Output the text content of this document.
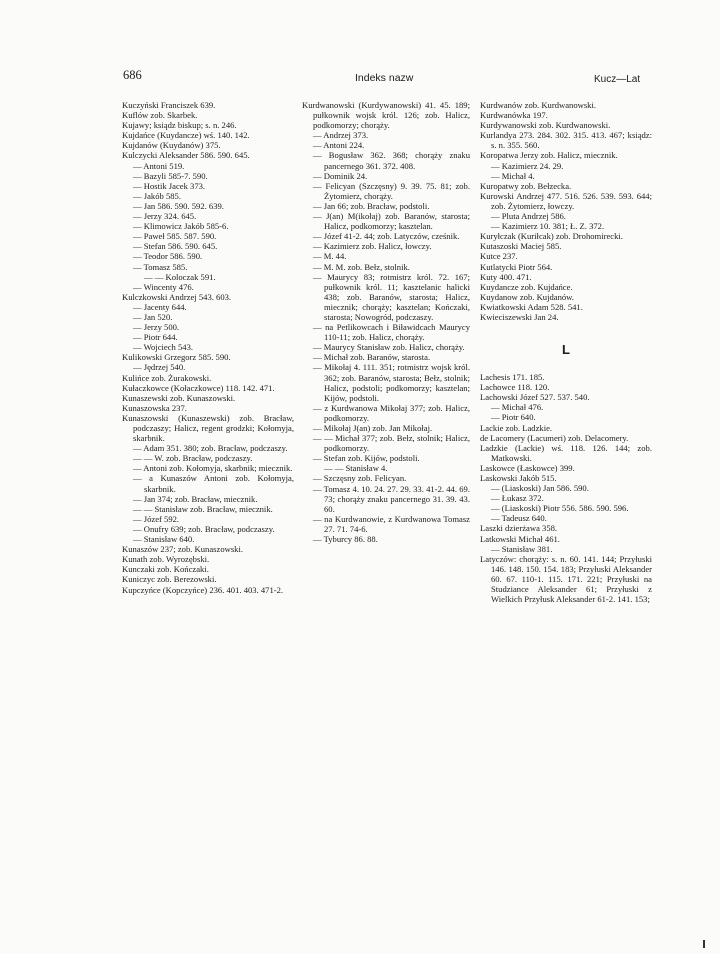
686	Indeks nazw	Kucz—Lat

Kuczyński Franciszek 639.

Kuflów zob. Skarbek.

Kujawy; ksiądz biskup; s. n. 246.

Kujdańce (Kuydancze) wś. 140. 142.

Kujdanów (Kuydanów) 375.

Kulczycki Aleksander 586. 590. 645.

— Antoni 519.

— Bazyli 585-7. 590.

— Hostik Jacek 373.

— Jakób 585.

— Jan 586. 590. 592. 639.

— Jerzy 324. 645.

— Klimowicz Jakób 585-6.

— Paweł 585. 587. 590.

— Stefan 586. 590. 645.

— Teodor 586. 590.

— Tomasz 585.

— — Koloczak 591.

— Wincenty 476.

Kulczkowski Andrzej 543. 603.

— Jacenty 644.

— Jan 520.

— Jerzy 500.

— Piotr 644.

— Wojciech 543.

Kulikowski Grzegorz 585. 590.

— Jędrzej 540.

Kulińce zob. Żurakowski.

Kułaczkowce (Kołaczkowce) 118. 142. 471.

Kunaszewski zob. Kunaszowski.

Kunaszowska 237.

Kunaszowski (Kunaszewski) zob. Bracław, podczaszy; Halicz, regent grodzki; Kołomyja, skarbnik.

— Adam 351. 380; zob. Bracław, podczaszy.

— — W. zob. Bracław, podczaszy.

— Antoni zob. Kołomyja, skarbnik; miecznik.

— a Kunaszów Antoni zob. Kołomyja, skarbnik.

— Jan 374; zob. Bracław, miecznik.

— — Stanisław zob. Bracław, miecznik.

— Józef 592.

— Onufry 639; zob. Bracław, podczaszy.

— Stanisław 640.

Kunaszów 237; zob. Kunaszowski.

Kunath zob. Wyrozębski.

Kunczaki zob. Kończaki.

Kuniczyc zob. Berezowski.

Kupczyńce (Kopczyńce) 236. 401. 403. 471-2.

Kurdwanowski (Kurdywanowski) 41. 45. 189; pułkownik wojsk król. 126; zob. Halicz, podkomorzy; chorąży.

— Andrzej 373.

— Antoni 224.

— Bogusław 362. 368; chorąży znaku pancernego 361. 372. 408.

— Dominik 24.

— Felicyan (Szczęsny) 9. 39. 75. 81; zob. Żytomierz, chorąży.

— Jan 66; zob. Bracław, podstoli.

— J(an) M(ikołaj) zob. Baranów, starosta; Halicz, podkomorzy; kasztelan.

— Józef 41-2. 44; zob. Latyczów, cześnik.

— Kazimierz zob. Halicz, łowczy.

— M. 44.

— M. M. zob. Bełz, stolnik.

— Maurycy 83; rotmistrz król. 72. 167; pułkownik król. 11; kasztelanic halicki 438; zob. Baranów, starosta; Halicz, miecznik; chorąży; kasztelan; Kończaki, starosta; Nowogród, podczaszy.

— na Petlikowcach i Biławidcach Maurycy 110-11; zob. Halicz, chorąży.

— Maurycy Stanisław zob. Halicz, chorąży.

— Michał zob. Baranów, starosta.

— Mikołaj 4. 111. 351; rotmistrz wojsk król. 362; zob. Baranów, starosta; Bełz, stolnik; Halicz, podstoli; podkomorzy; kasztelan; Kijów, podstoli.

— z Kurdwanowa Mikołaj 377; zob. Halicz, podkomorzy.

— Mikołaj J(an) zob. Jan Mikołaj.

— — Michał 377; zob. Bełz, stolnik; Halicz, podkomorzy.

— Stefan zob. Kijów, podstoli.

— — Stanisław 4.

— Szczęsny zob. Felicyan.

— Tomasz 4. 10. 24. 27. 29. 33. 41-2. 44. 69. 73; chorąży znaku pancernego 31. 39. 43. 60.

— na Kurdwanowie, z Kurdwanowa Tomasz 27. 71. 74-6.

— Tyburcy 86. 88.

Kurdwanów zob. Kurdwanowski.

Kurdwanówka 197.

Kurdywanowski zob. Kurdwanowski.

Kurlandya 273. 284. 302. 315. 413. 467; ksiądz: s. n. 355. 560.

Koropatwa Jerzy zob. Halicz, miecznik.

— Kazimierz 24. 29.

— Michał 4.

Kuropatwy zob. Bełzecka.

Kurowski Andrzej 477. 516. 526. 539. 593. 644; zob. Żytomierz, łowczy.

— Pluta Andrzej 586.

— Kazimierz 10. 381; Ł. Z. 372.

Kuryłczak (Kuriłcak) zob. Drohomirecki.

Kutaszoski Maciej 585.

Kutce 237.

Kutlatycki Piotr 564.

Kuty 400. 471.

Kuydancze zob. Kujdańce.

Kuydanow zob. Kujdanów.

Kwiatkowski Adam 528. 541.

Kwieciszewski Jan 24.

L

Lachesis 171. 185.

Lachowce 118. 120.

Lachowski Józef 527. 537. 540.

— Michał 476.

— Piotr 640.

Lackie zob. Ladzkie.

de Lacomery (Lacumeri) zob. Delacomery.

Ladzkie (Lackie) wś. 118. 126. 144; zob. Matkowski.

Laskowce (Łaskowce) 399.

Laskowski Jakób 515.

— (Liaskoski) Jan 586. 590.

— Łukasz 372.

— (Liaskoski) Piotr 556. 586. 590. 596.

— Tadeusz 640.

Laszki dzierżawa 358.

Latkowski Michał 461.

— Stanisław 381.

Latyczów: chorąży: s. n. 60. 141. 144; Przyłuski 146. 148. 150. 154. 183; Przyłuski Aleksander 60. 67. 110-1. 115. 171. 221; Przyłuski na Studziance Aleksander 61; Przyłuski z Wielkich Przyłusk Aleksander 61-2. 141. 153;
